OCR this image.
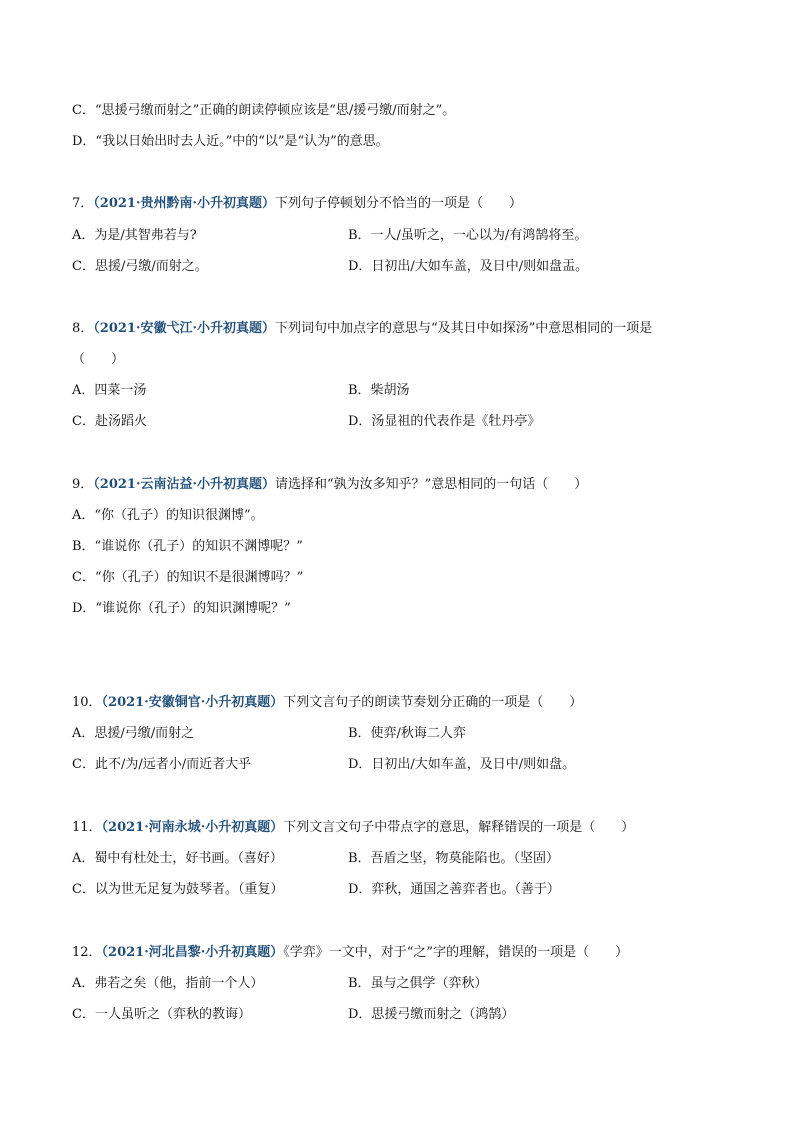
C．“思援弓缴而射之”正确的朗读停顿应该是“思/援弓缴/而射之”。
D．“我以日始出时去人近。”中的“以”是“认为”的意思。
7．（2021·贵州黔南·小升初真题）下列句子停顿划分不恰当的一项是（　　）
A．为是/其智弗若与?	B．一人/虽听之，一心以为/有鸿鹄将至。
C．思援/弓缴/而射之。	D．日初出/大如车盖，及日中/则如盘盂。
8．（2021·安徽弋江·小升初真题）下列词句中加点字的意思与“及其日中如探汤”中意思相同的一项是
（　　）
A．四菜一汤	B．柴胡汤
C．赴汤蹈火	D．汤显祖的代表作是《牡丹亭》
9．（2021·云南沾益·小升初真题）请选择和“孰为汝多知乎？”意思相同的一句话（　　）
A．“你（孔子）的知识很渊博”。
B．“谁说你（孔子）的知识不渊博呢？”
C．“你（孔子）的知识不是很渊博吗？”
D．“谁说你（孔子）的知识渊博呢？”
10．（2021·安徽铜官·小升初真题）下列文言句子的朗读节奏划分正确的一项是（　　）
A．思援/弓缴/而射之	B．使弈/秋诲二人弈
C．此不/为/远者小/而近者大乎	D．日初出/大如车盖，及日中/则如盘。
11．（2021·河南永城·小升初真题）下列文言文句子中带点字的意思，解释错误的一项是（　　）
A．蜀中有杜处士，好书画。（喜好）	B．吾盾之坚，物莫能陷也。（坚固）
C．以为世无足复为鼓琴者。（重复）	D．弈秋，通国之善弈者也。（善于）
12．（2021·河北昌黎·小升初真题）《学弈》一文中，对于“之”字的理解，错误的一项是（　　）
A．弗若之矣（他，指前一个人）	B．虽与之俱学（弈秋）
C．一人虽听之（弈秋的教诲）	D．思援弓缴而射之（鸿鹄）
